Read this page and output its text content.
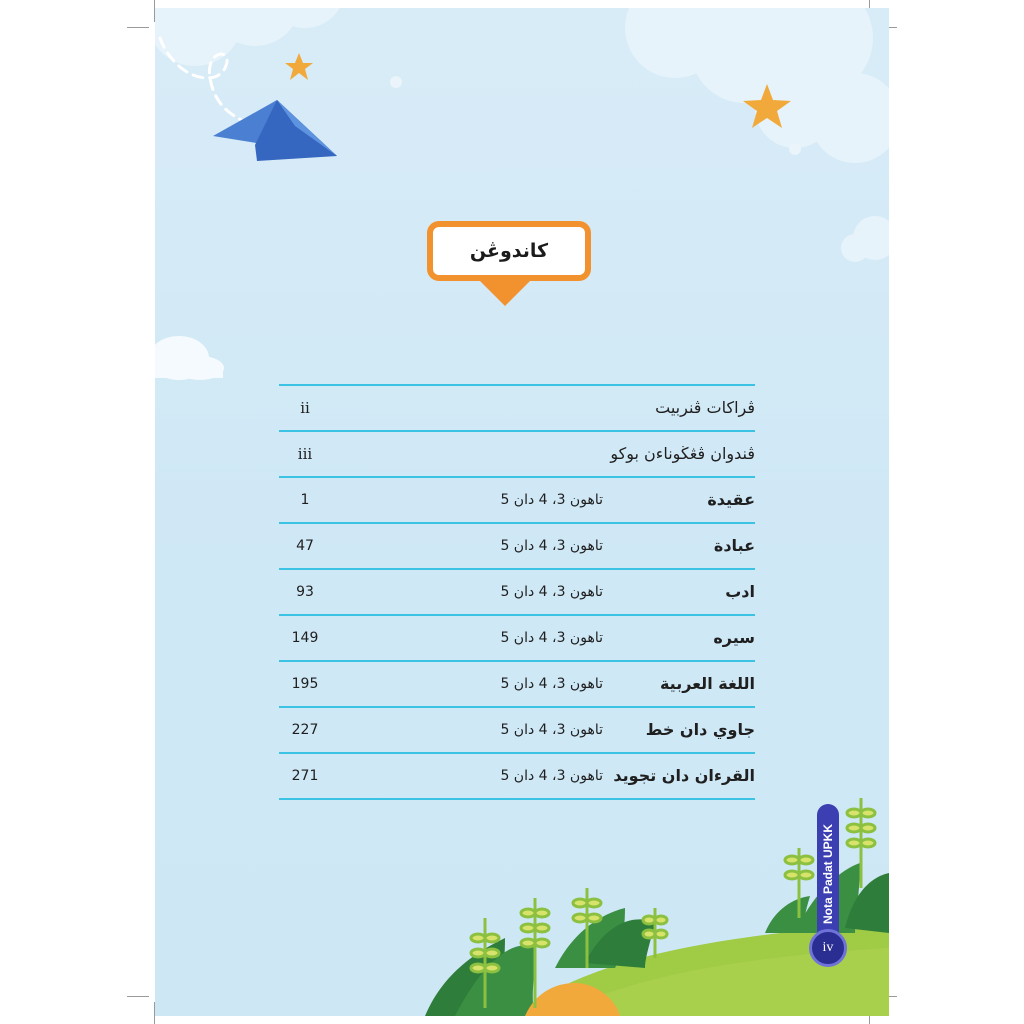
كاندوڠن
ڤراكات ڤنربيت
ii
ڤندوان ڤڠڬوناءن بوكو
iii
عقيدة
تاهون 3، 4 دان 5
1
عبادة
تاهون 3، 4 دان 5
47
ادب
تاهون 3، 4 دان 5
93
سيره
تاهون 3، 4 دان 5
149
اللغة العربية
تاهون 3، 4 دان 5
195
جاوي دان خط
تاهون 3، 4 دان 5
227
القرءان دان تجويد
تاهون 3، 4 دان 5
271
Nota Padat UPKK
iv
